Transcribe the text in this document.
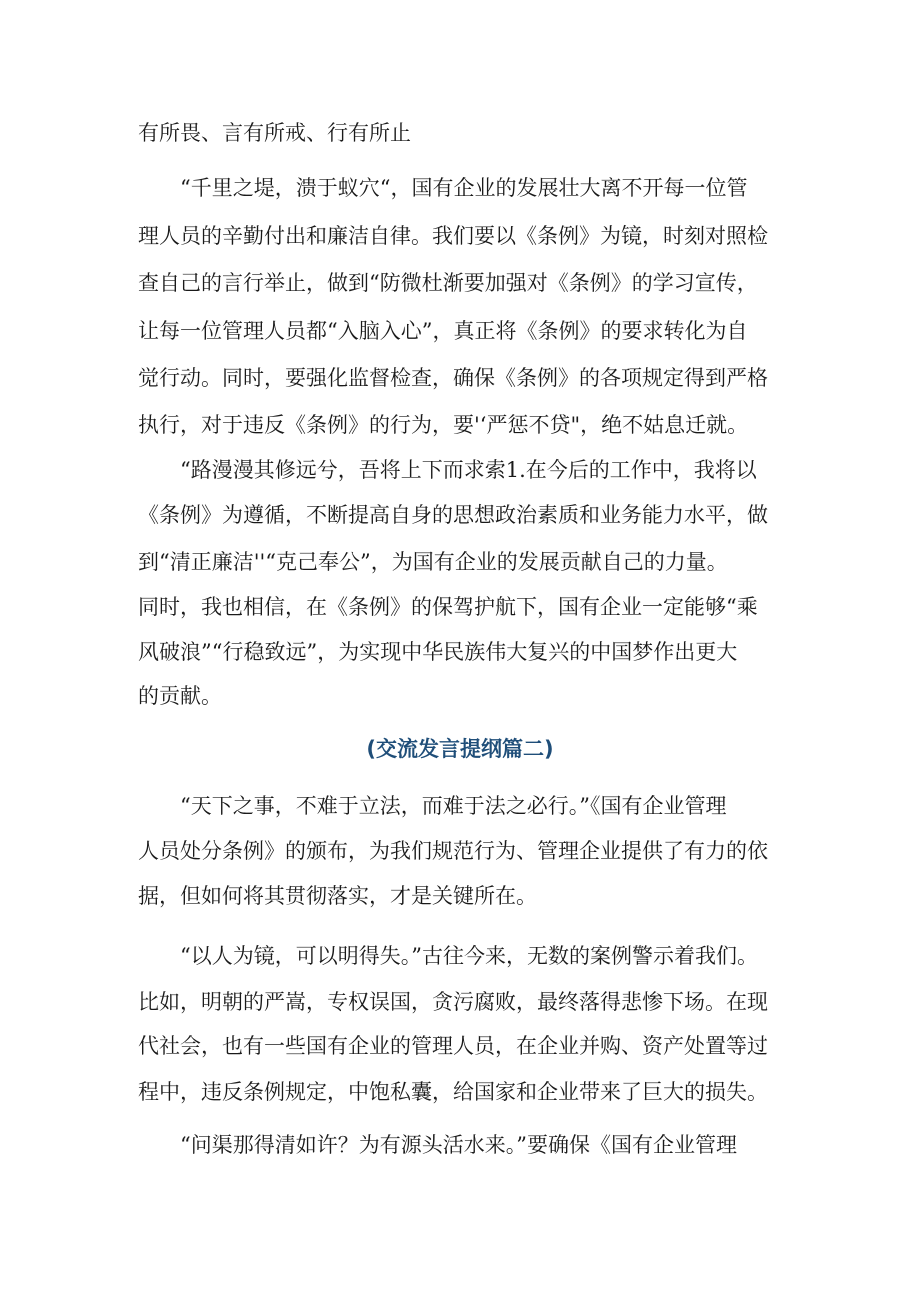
有所畏、言有所戒、行有所止

“千里之堤，溃于蚁穴“，国有企业的发展壮大离不开每一位管

理人员的辛勤付出和廉洁自律。我们要以《条例》为镜，时刻对照检

查自己的言行举止，做到“防微杜渐要加强对《条例》的学习宣传，

让每一位管理人员都“入脑入心”，真正将《条例》的要求转化为自

觉行动。同时，要强化监督检查，确保《条例》的各项规定得到严格

执行，对于违反《条例》的行为，要'‘严惩不贷"，绝不姑息迁就。

“路漫漫其修远兮，吾将上下而求索1.在今后的工作中，我将以

《条例》为遵循，不断提高自身的思想政治素质和业务能力水平，做

到“清正廉洁''“克己奉公”，为国有企业的发展贡献自己的力量。

同时，我也相信，在《条例》的保驾护航下，国有企业一定能够“乘

风破浪”“行稳致远”，为实现中华民族伟大复兴的中国梦作出更大

的贡献。

(交流发言提纲篇二)

“天下之事，不难于立法，而难于法之必行。”《国有企业管理

人员处分条例》的颁布，为我们规范行为、管理企业提供了有力的依

据，但如何将其贯彻落实，才是关键所在。

“以人为镜，可以明得失。”古往今来，无数的案例警示着我们。

比如，明朝的严嵩，专权误国，贪污腐败，最终落得悲惨下场。在现

代社会，也有一些国有企业的管理人员，在企业并购、资产处置等过

程中，违反条例规定，中饱私囊，给国家和企业带来了巨大的损失。

“问渠那得清如许？为有源头活水来。”要确保《国有企业管理
